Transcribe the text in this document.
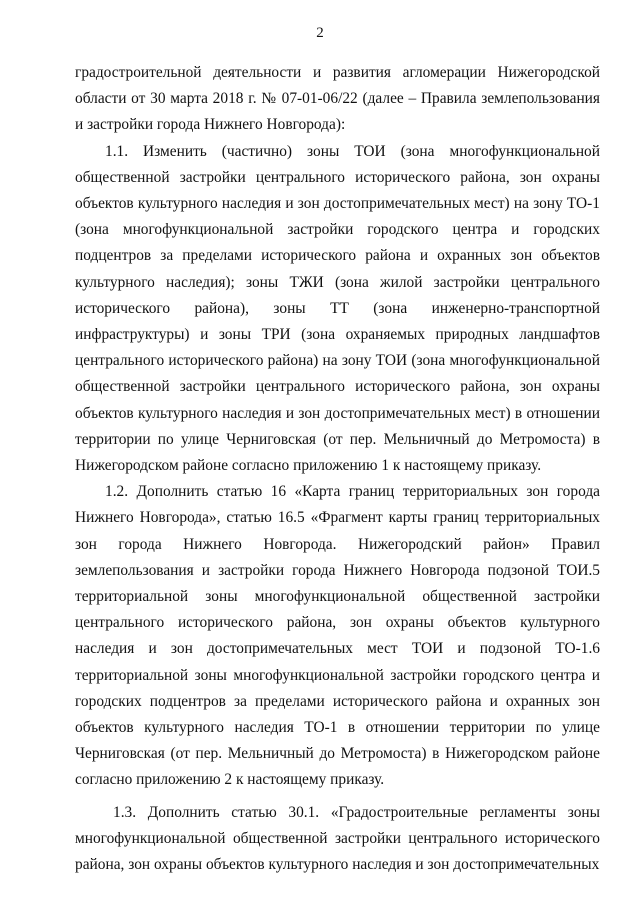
2

градостроительной деятельности и развития агломерации Нижегородской области от 30 марта 2018 г. № 07-01-06/22 (далее – Правила землепользования и застройки города Нижнего Новгорода):

1.1. Изменить (частично) зоны ТОИ (зона многофункциональной общественной застройки центрального исторического района, зон охраны объектов культурного наследия и зон достопримечательных мест) на зону ТО-1 (зона многофункциональной застройки городского центра и городских подцентров за пределами исторического района и охранных зон объектов культурного наследия); зоны ТЖИ (зона жилой застройки центрального исторического района), зоны ТТ (зона инженерно-транспортной инфраструктуры) и зоны ТРИ (зона охраняемых природных ландшафтов центрального исторического района) на зону ТОИ (зона многофункциональной общественной застройки центрального исторического района, зон охраны объектов культурного наследия и зон достопримечательных мест) в отношении территории по улице Черниговская (от пер. Мельничный до Метромоста) в Нижегородском районе согласно приложению 1 к настоящему приказу.

1.2. Дополнить статью 16 «Карта границ территориальных зон города Нижнего Новгорода», статью 16.5 «Фрагмент карты границ территориальных зон города Нижнего Новгорода. Нижегородский район» Правил землепользования и застройки города Нижнего Новгорода подзоной ТОИ.5 территориальной зоны многофункциональной общественной застройки центрального исторического района, зон охраны объектов культурного наследия и зон достопримечательных мест ТОИ и подзоной ТО-1.6 территориальной зоны многофункциональной застройки городского центра и городских подцентров за пределами исторического района и охранных зон объектов культурного наследия ТО-1 в отношении территории по улице Черниговская (от пер. Мельничный до Метромоста) в Нижегородском районе согласно приложению 2 к настоящему приказу.

1.3. Дополнить статью 30.1. «Градостроительные регламенты зоны многофункциональной общественной застройки центрального исторического района, зон охраны объектов культурного наследия и зон достопримечательных
